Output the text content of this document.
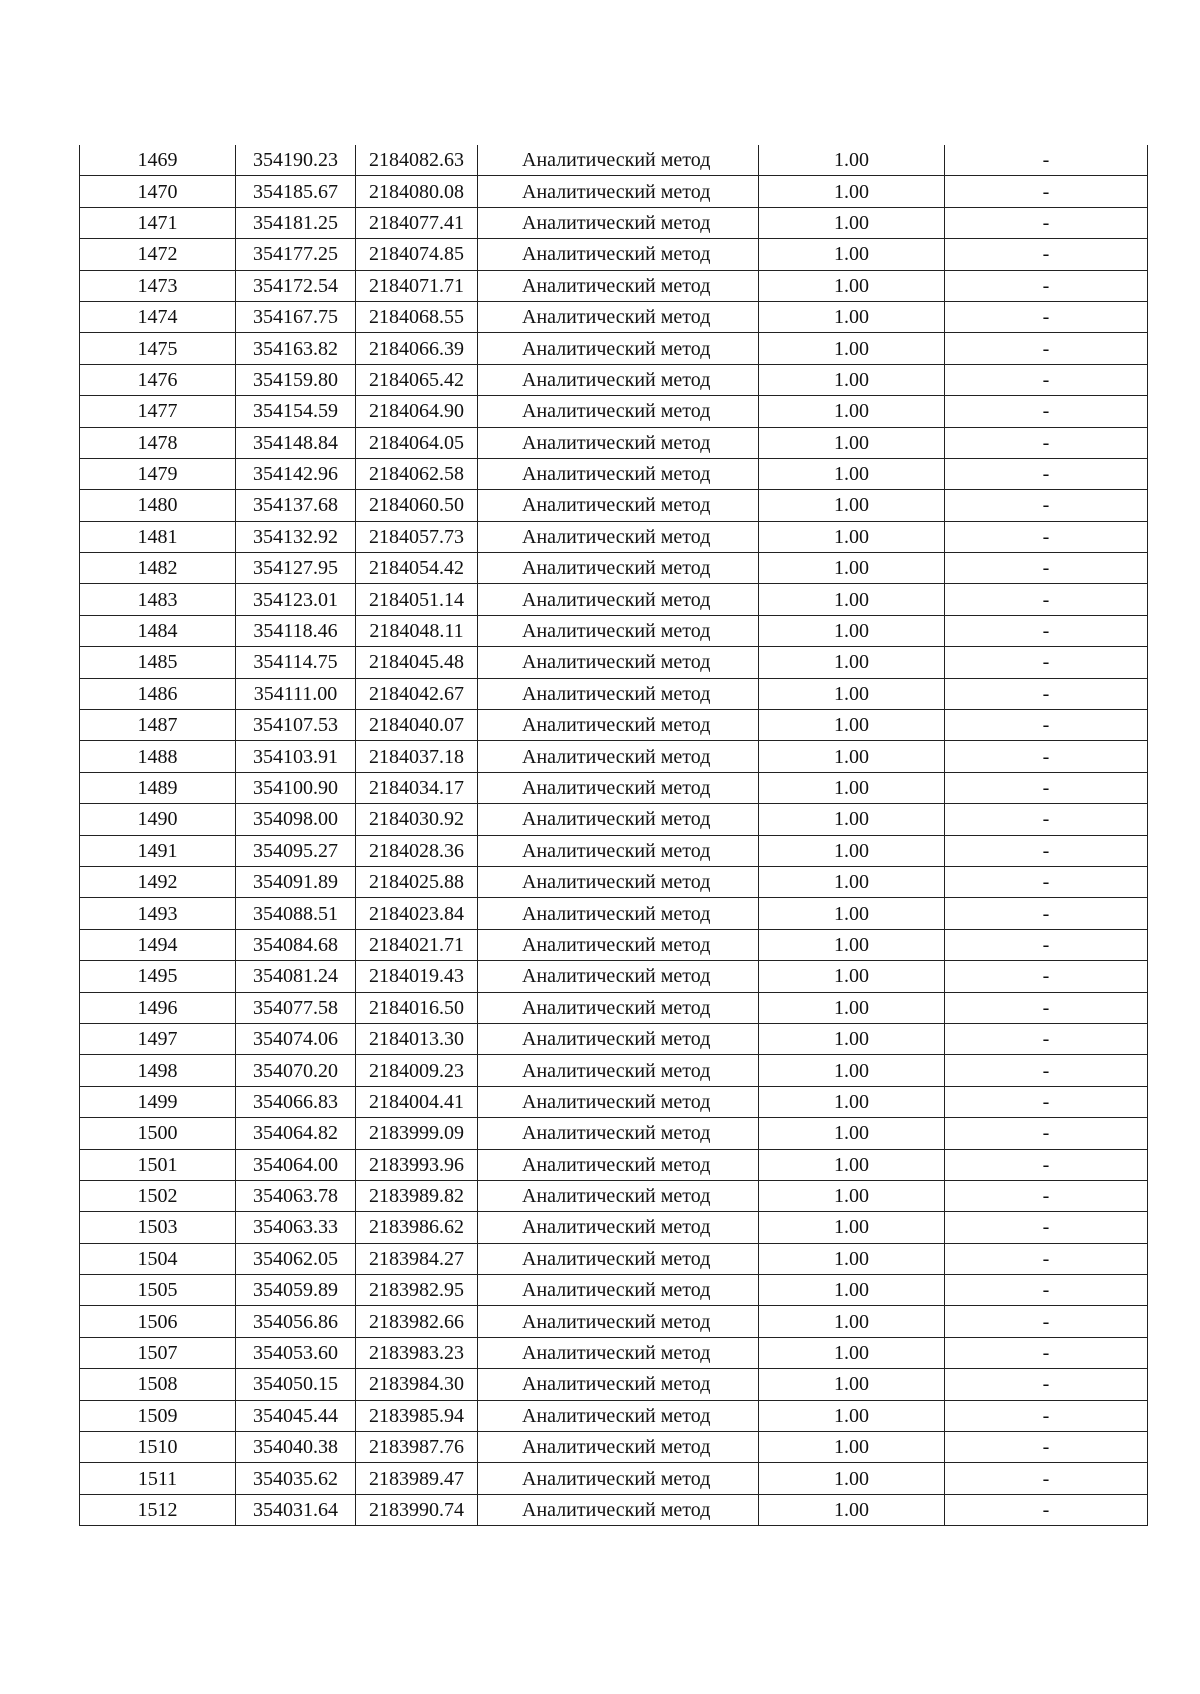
1469	354190.23	2184082.63	Аналитический метод	1.00	-
1470	354185.67	2184080.08	Аналитический метод	1.00	-
1471	354181.25	2184077.41	Аналитический метод	1.00	-
1472	354177.25	2184074.85	Аналитический метод	1.00	-
1473	354172.54	2184071.71	Аналитический метод	1.00	-
1474	354167.75	2184068.55	Аналитический метод	1.00	-
1475	354163.82	2184066.39	Аналитический метод	1.00	-
1476	354159.80	2184065.42	Аналитический метод	1.00	-
1477	354154.59	2184064.90	Аналитический метод	1.00	-
1478	354148.84	2184064.05	Аналитический метод	1.00	-
1479	354142.96	2184062.58	Аналитический метод	1.00	-
1480	354137.68	2184060.50	Аналитический метод	1.00	-
1481	354132.92	2184057.73	Аналитический метод	1.00	-
1482	354127.95	2184054.42	Аналитический метод	1.00	-
1483	354123.01	2184051.14	Аналитический метод	1.00	-
1484	354118.46	2184048.11	Аналитический метод	1.00	-
1485	354114.75	2184045.48	Аналитический метод	1.00	-
1486	354111.00	2184042.67	Аналитический метод	1.00	-
1487	354107.53	2184040.07	Аналитический метод	1.00	-
1488	354103.91	2184037.18	Аналитический метод	1.00	-
1489	354100.90	2184034.17	Аналитический метод	1.00	-
1490	354098.00	2184030.92	Аналитический метод	1.00	-
1491	354095.27	2184028.36	Аналитический метод	1.00	-
1492	354091.89	2184025.88	Аналитический метод	1.00	-
1493	354088.51	2184023.84	Аналитический метод	1.00	-
1494	354084.68	2184021.71	Аналитический метод	1.00	-
1495	354081.24	2184019.43	Аналитический метод	1.00	-
1496	354077.58	2184016.50	Аналитический метод	1.00	-
1497	354074.06	2184013.30	Аналитический метод	1.00	-
1498	354070.20	2184009.23	Аналитический метод	1.00	-
1499	354066.83	2184004.41	Аналитический метод	1.00	-
1500	354064.82	2183999.09	Аналитический метод	1.00	-
1501	354064.00	2183993.96	Аналитический метод	1.00	-
1502	354063.78	2183989.82	Аналитический метод	1.00	-
1503	354063.33	2183986.62	Аналитический метод	1.00	-
1504	354062.05	2183984.27	Аналитический метод	1.00	-
1505	354059.89	2183982.95	Аналитический метод	1.00	-
1506	354056.86	2183982.66	Аналитический метод	1.00	-
1507	354053.60	2183983.23	Аналитический метод	1.00	-
1508	354050.15	2183984.30	Аналитический метод	1.00	-
1509	354045.44	2183985.94	Аналитический метод	1.00	-
1510	354040.38	2183987.76	Аналитический метод	1.00	-
1511	354035.62	2183989.47	Аналитический метод	1.00	-
1512	354031.64	2183990.74	Аналитический метод	1.00	-
